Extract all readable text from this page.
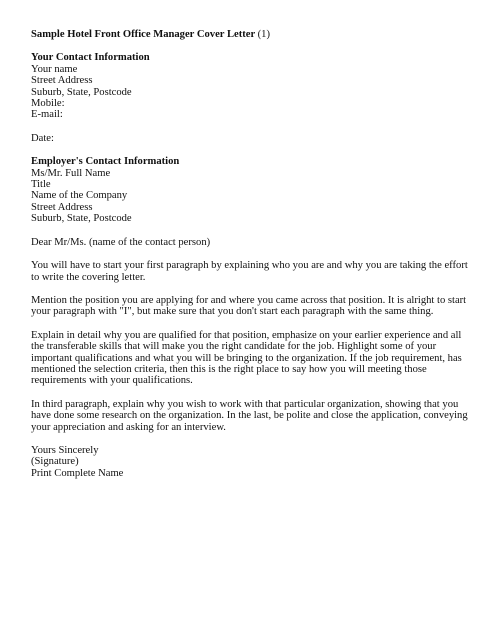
Sample Hotel Front Office Manager Cover Letter (1)
Your Contact Information
Your name
Street Address
Suburb, State, Postcode
Mobile:
E-mail:
Date:
Employer's Contact Information
Ms/Mr. Full Name
Title
Name of the Company
Street Address
Suburb, State, Postcode
Dear Mr/Ms. (name of the contact person)

You will have to start your first paragraph by explaining who you are and why you are taking the effort to write the covering letter.

Mention the position you are applying for and where you came across that position. It is alright to start your paragraph with "I", but make sure that you don't start each paragraph with the same thing.

Explain in detail why you are qualified for that position, emphasize on your earlier experience and all the transferable skills that will make you the right candidate for the job. Highlight some of your important qualifications and what you will be bringing to the organization. If the job requirement, has mentioned the selection criteria, then this is the right place to say how you will meeting those requirements with your qualifications.

In third paragraph, explain why you wish to work with that particular organization, showing that you have done some research on the organization. In the last, be polite and close the application, conveying your appreciation and asking for an interview.

Yours Sincerely
(Signature)
Print Complete Name
